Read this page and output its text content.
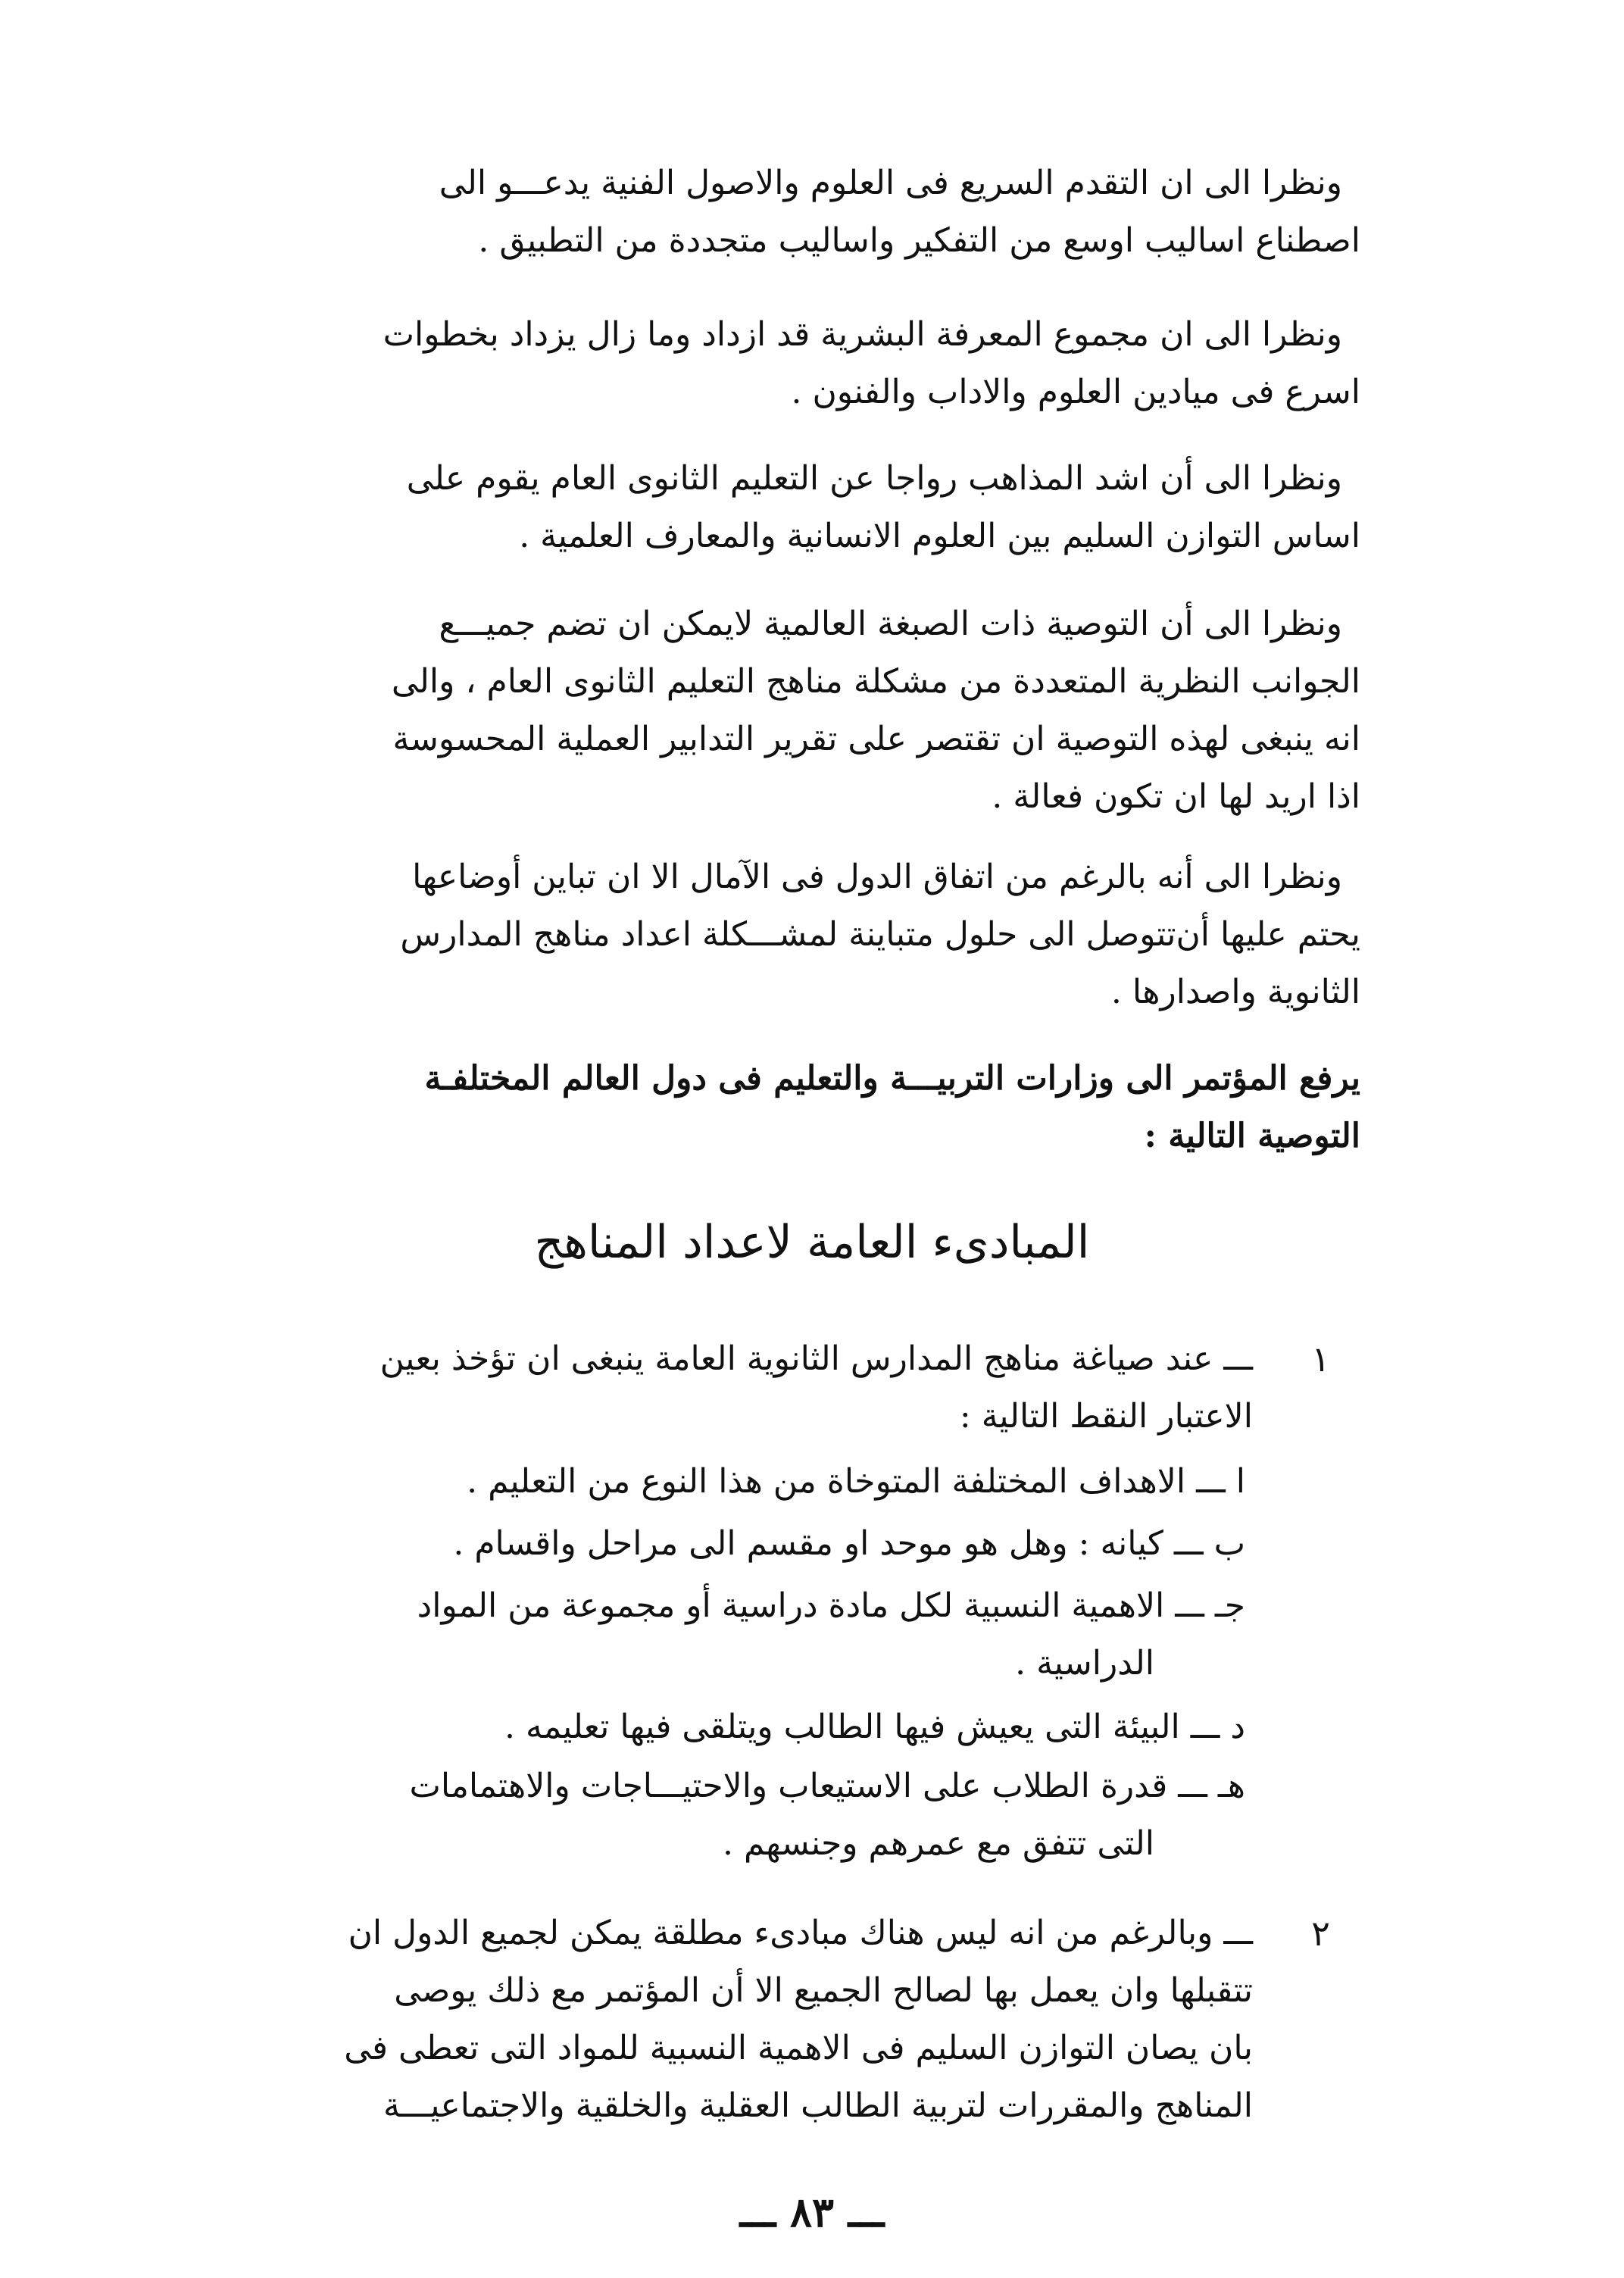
ونظرا الى ان التقدم السريع فى العلوم والاصول الفنية يدعـــو الى
اصطناع اساليب اوسع من التفكير واساليب متجددة من التطبيق .
ونظرا الى ان مجموع المعرفة البشرية قد ازداد وما زال يزداد بخطوات
اسرع فى ميادين العلوم والاداب والفنون .
ونظرا الى أن اشد المذاهب رواجا عن التعليم الثانوى العام يقوم على
اساس التوازن السليم بين العلوم الانسانية والمعارف العلمية .
ونظرا الى أن التوصية ذات الصبغة العالمية لايمكن ان تضم جميـــع
الجوانب النظرية المتعددة من مشكلة مناهج التعليم الثانوى العام ، والى
انه ينبغى لهذه التوصية ان تقتصر على تقرير التدابير العملية المحسوسة
اذا اريد لها ان تكون فعالة .
ونظرا الى أنه بالرغم من اتفاق الدول فى الآمال الا ان تباين أوضاعها
يحتم عليها أن‌تتوصل الى حلول متباينة لمشـــكلة اعداد مناهج المدارس
الثانوية واصدارها .
يرفع المؤتمر الى وزارات التربيـــة والتعليم فى دول العالم المختلفـة
التوصية التالية :
المبادىء العامة لاعداد المناهج
١
ـــ عند صياغة مناهج المدارس الثانوية العامة ينبغى ان تؤخذ بعين
الاعتبار النقط التالية :
ا ـــ الاهداف المختلفة المتوخاة من هذا النوع من التعليم .
ب ـــ كيانه : وهل هو موحد او مقسم الى مراحل واقسام .
جـ ـــ الاهمية النسبية لكل مادة دراسية أو مجموعة من المواد
الدراسية .
د ـــ البيئة التى يعيش فيها الطالب ويتلقى فيها تعليمه .
هـ ـــ قدرة الطلاب على الاستيعاب والاحتيـــاجات والاهتمامات
التى تتفق مع عمرهم وجنسهم .
٢
ـــ وبالرغم من انه ليس هناك مبادىء مطلقة يمكن لجميع الدول ان
تتقبلها وان يعمل بها لصالح الجميع الا أن المؤتمر مع ذلك يوصى
بان يصان التوازن السليم فى الاهمية النسبية للمواد التى تعطى فى
المناهج والمقررات لتربية الطالب العقلية والخلقية والاجتماعيـــة
ـــ ٨٣ ـــ
